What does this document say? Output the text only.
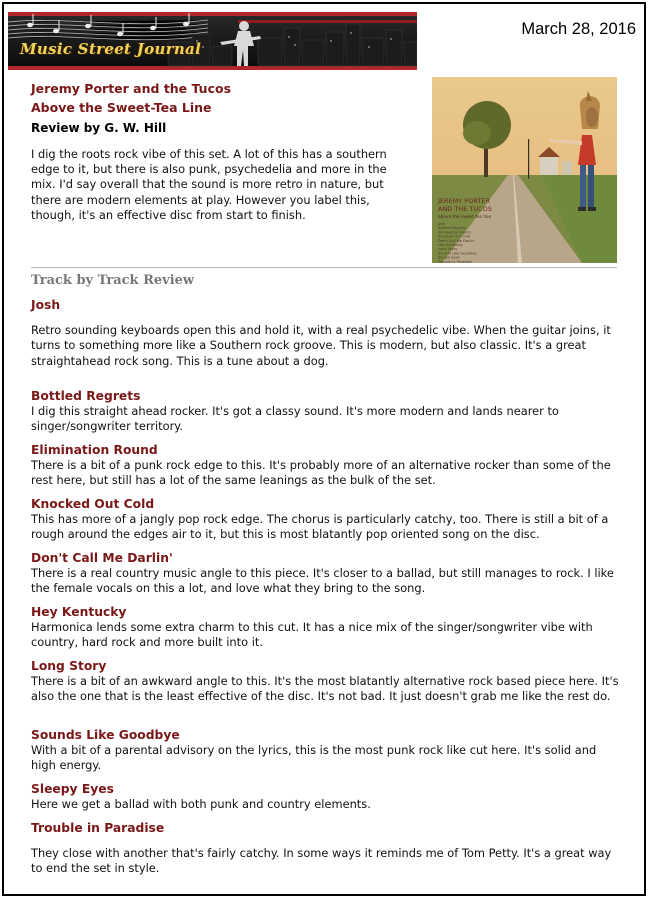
Music Street Journal
March 28, 2016
Jeremy Porter and the Tucos
Above the Sweet-Tea Line
Review by G. W. Hill
I dig the roots rock vibe of this set. A lot of this has a southern edge to it, but there is also punk, psychedelia and more in the mix. I'd say overall that the sound is more retro in nature, but there are modern elements at play. However you label this, though, it's an effective disc from start to finish.
JEREMY PORTER
AND THE TUCOS
above the sweet tea line
Josh
Bottled Regrets
Elimination Round
Knocked Out Cold
Don't Call Me Darlin'
Hey Kentucky
Long Story
Sounds Like Goodbye
Sleepy Eyes
Trouble in Paradise
Track by Track Review
Josh
Retro sounding keyboards open this and hold it, with a real psychedelic vibe. When the guitar joins, it turns to something more like a Southern rock groove. This is modern, but also classic. It's a great straightahead rock song. This is a tune about a dog.
Bottled Regrets
I dig this straight ahead rocker. It's got a classy sound. It's more modern and lands nearer to singer/songwriter territory.
Elimination Round
There is a bit of a punk rock edge to this. It's probably more of an alternative rocker than some of the rest here, but still has a lot of the same leanings as the bulk of the set.
Knocked Out Cold
This has more of a jangly pop rock edge. The chorus is particularly catchy, too. There is still a bit of a rough around the edges air to it, but this is most blatantly pop oriented song on the disc.
Don't Call Me Darlin'
There is a real country music angle to this piece. It's closer to a ballad, but still manages to rock. I like the female vocals on this a lot, and love what they bring to the song.
Hey Kentucky
Harmonica lends some extra charm to this cut. It has a nice mix of the singer/songwriter vibe with country, hard rock and more built into it.
Long Story
There is a bit of an awkward angle to this. It's the most blatantly alternative rock based piece here. It's also the one that is the least effective of the disc. It's not bad. It just doesn't grab me like the rest do.
Sounds Like Goodbye
With a bit of a parental advisory on the lyrics, this is the most punk rock like cut here. It's solid and high energy.
Sleepy Eyes
Here we get a ballad with both punk and country elements.
Trouble in Paradise
They close with another that's fairly catchy. In some ways it reminds me of Tom Petty. It's a great way to end the set in style.
